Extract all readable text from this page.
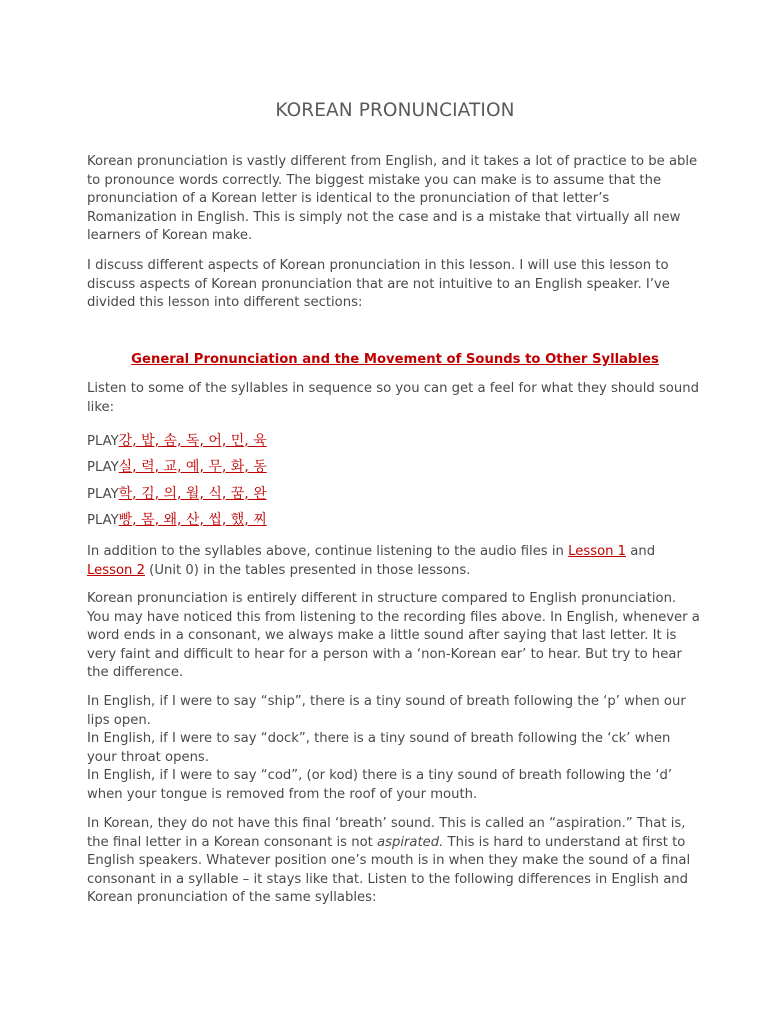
KOREAN PRONUNCIATION

Korean pronunciation is vastly different from English, and it takes a lot of practice to be able to pronounce words correctly. The biggest mistake you can make is to assume that the pronunciation of a Korean letter is identical to the pronunciation of that letter’s Romanization in English. This is simply not the case and is a mistake that virtually all new learners of Korean make.

I discuss different aspects of Korean pronunciation in this lesson. I will use this lesson to discuss aspects of Korean pronunciation that are not intuitive to an English speaker. I’ve divided this lesson into different sections:

General Pronunciation and the Movement of Sounds to Other Syllables

Listen to some of the syllables in sequence so you can get a feel for what they should sound like:

PLAY강, 밥, 솜, 독, 어, 민, 육
PLAY실, 력, 교, 예, 무, 화, 동
PLAY학, 김, 의, 월, 식, 꿈, 완
PLAY빵, 몸, 왜, 산, 씹, 했, 찌

In addition to the syllables above, continue listening to the audio files in Lesson 1 and Lesson 2 (Unit 0) in the tables presented in those lessons.

Korean pronunciation is entirely different in structure compared to English pronunciation. You may have noticed this from listening to the recording files above. In English, whenever a word ends in a consonant, we always make a little sound after saying that last letter. It is very faint and difficult to hear for a person with a ‘non-Korean ear’ to hear. But try to hear the difference.

In English, if I were to say “ship”, there is a tiny sound of breath following the ‘p’ when our lips open.
In English, if I were to say “dock”, there is a tiny sound of breath following the ‘ck’ when your throat opens.
In English, if I were to say “cod”, (or kod) there is a tiny sound of breath following the ‘d’ when your tongue is removed from the roof of your mouth.

In Korean, they do not have this final ‘breath’ sound. This is called an “aspiration.” That is, the final letter in a Korean consonant is not aspirated. This is hard to understand at first to English speakers. Whatever position one’s mouth is in when they make the sound of a final consonant in a syllable – it stays like that. Listen to the following differences in English and Korean pronunciation of the same syllables:
